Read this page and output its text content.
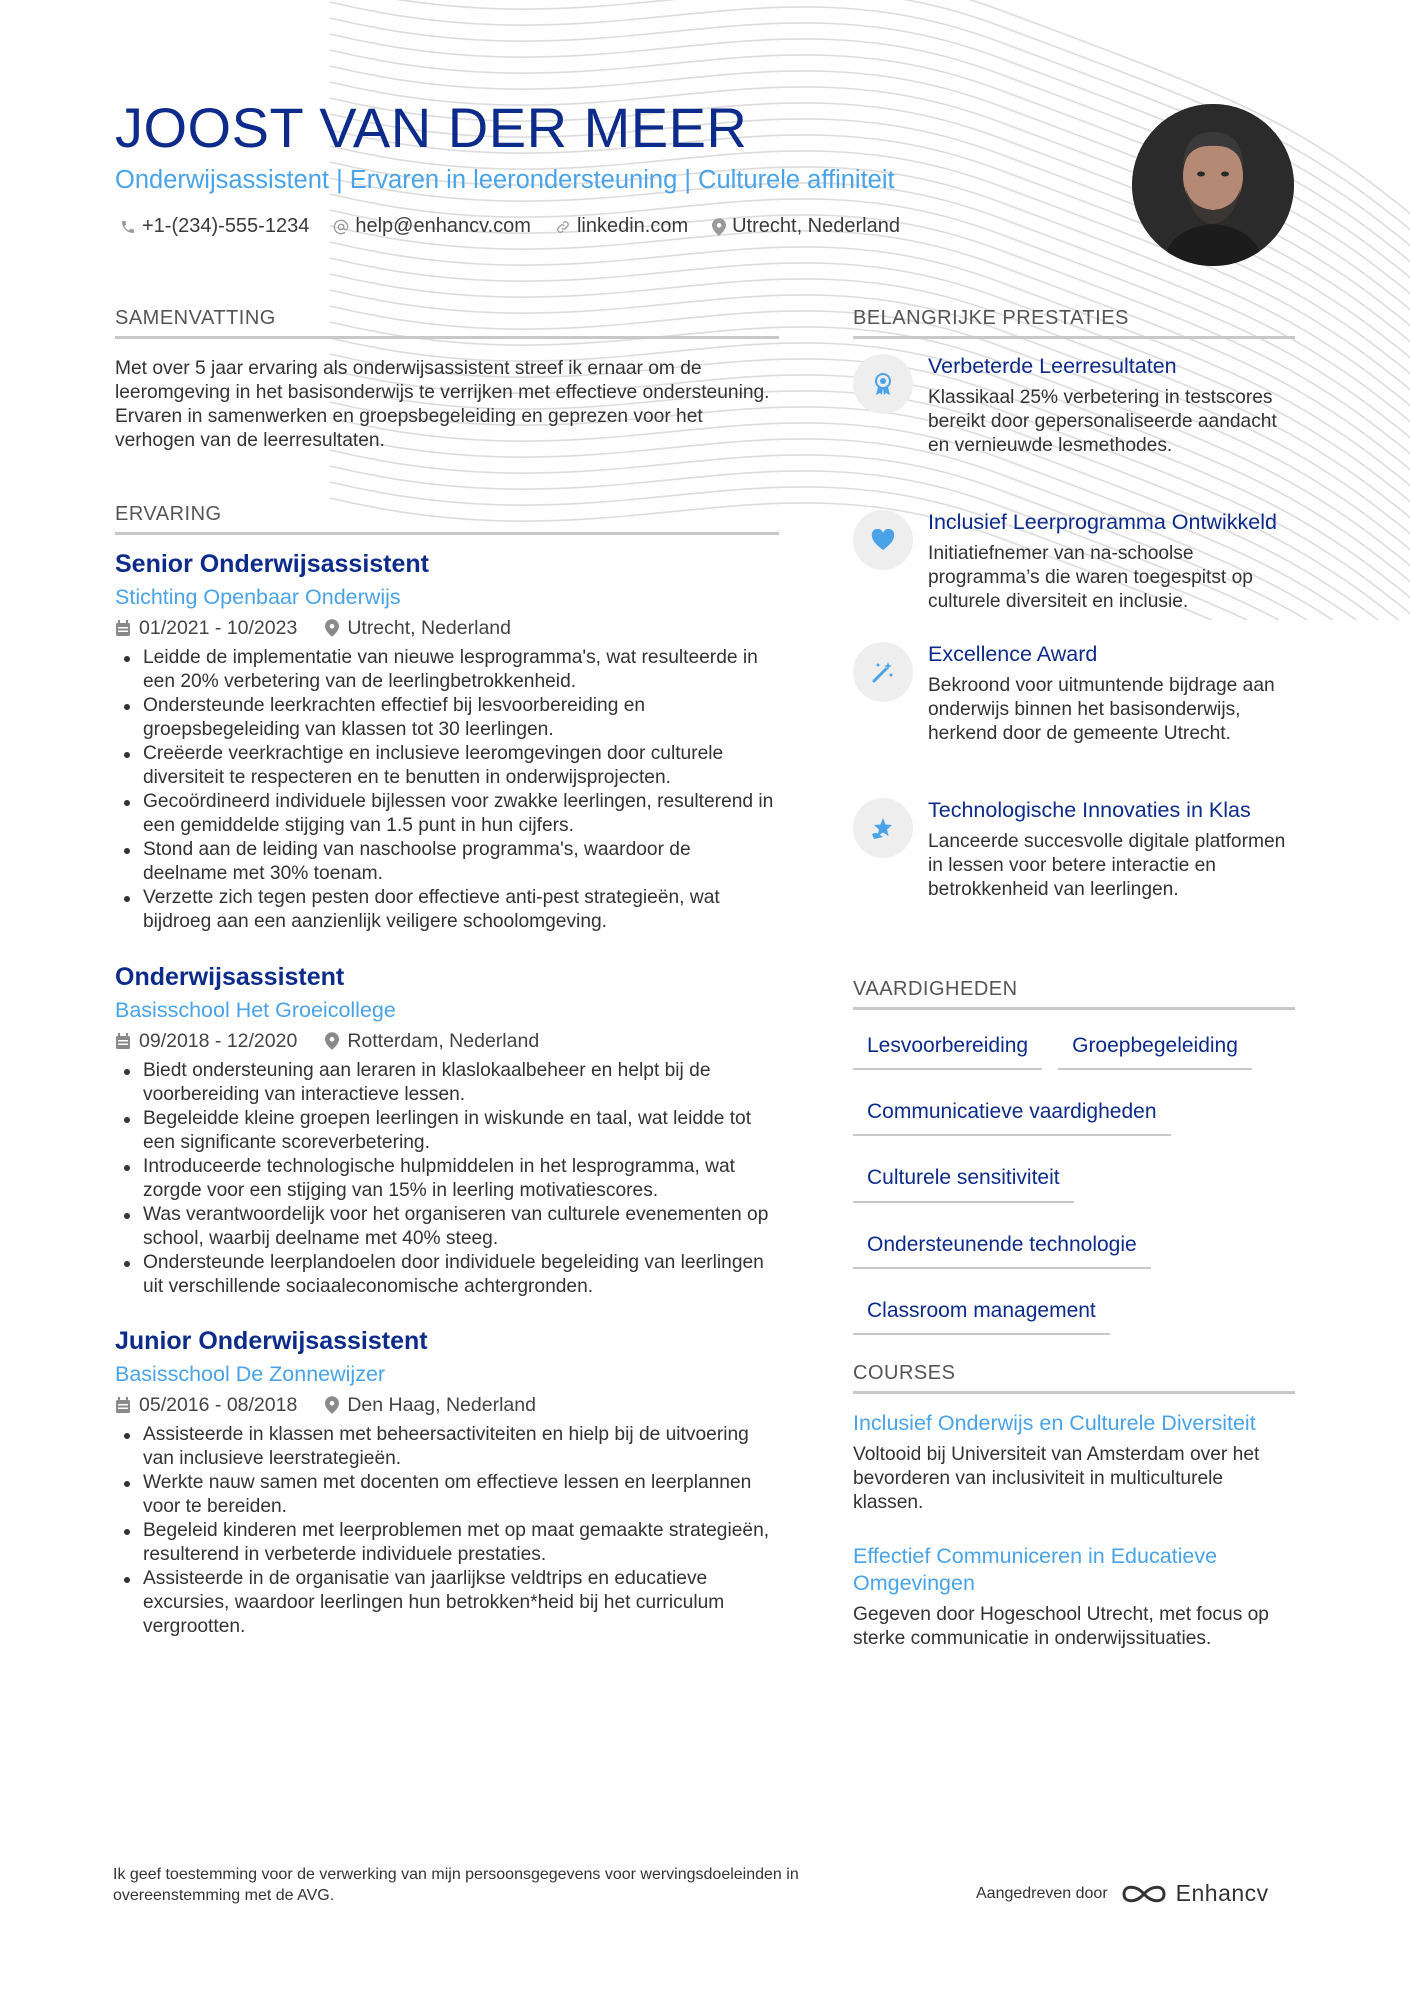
JOOST VAN DER MEER
Onderwijsassistent | Ervaren in leerondersteuning | Culturele affiniteit
+1-(234)-555-1234 help@enhancv.com linkedin.com Utrecht, Nederland
SAMENVATTING

Met over 5 jaar ervaring als onderwijsassistent streef ik ernaar om de leeromgeving in het basisonderwijs te verrijken met effectieve ondersteuning. Ervaren in samenwerken en groepsbegeleiding en geprezen voor het verhogen van de leerresultaten.

ERVARING
Senior Onderwijsassistent
Stichting Openbaar Onderwijs
01/2021 - 10/2023	Utrecht, Nederland
Leidde de implementatie van nieuwe lesprogramma's, wat resulteerde in een 20% verbetering van de leerlingbetrokkenheid.
Ondersteunde leerkrachten effectief bij lesvoorbereiding en groepsbegeleiding van klassen tot 30 leerlingen.
Creëerde veerkrachtige en inclusieve leeromgevingen door culturele diversiteit te respecteren en te benutten in onderwijsprojecten.
Gecoördineerd individuele bijlessen voor zwakke leerlingen, resulterend in een gemiddelde stijging van 1.5 punt in hun cijfers.
Stond aan de leiding van naschoolse programma's, waardoor de deelname met 30% toenam.
Verzette zich tegen pesten door effectieve anti-pest strategieën, wat bijdroeg aan een aanzienlijk veiligere schoolomgeving.
Onderwijsassistent
Basisschool Het Groeicollege
09/2018 - 12/2020	Rotterdam, Nederland
Biedt ondersteuning aan leraren in klaslokaalbeheer en helpt bij de voorbereiding van interactieve lessen.
Begeleidde kleine groepen leerlingen in wiskunde en taal, wat leidde tot een significante scoreverbetering.
Introduceerde technologische hulpmiddelen in het lesprogramma, wat zorgde voor een stijging van 15% in leerling motivatiescores.
Was verantwoordelijk voor het organiseren van culturele evenementen op school, waarbij deelname met 40% steeg.
Ondersteunde leerplandoelen door individuele begeleiding van leerlingen uit verschillende sociaaleconomische achtergronden.
Junior Onderwijsassistent
Basisschool De Zonnewijzer
05/2016 - 08/2018	Den Haag, Nederland
Assisteerde in klassen met beheersactiviteiten en hielp bij de uitvoering van inclusieve leerstrategieën.
Werkte nauw samen met docenten om effectieve lessen en leerplannen voor te bereiden.
Begeleid kinderen met leerproblemen met op maat gemaakte strategieën, resulterend in verbeterde individuele prestaties.
Assisteerde in de organisatie van jaarlijkse veldtrips en educatieve excursies, waardoor leerlingen hun betrokken*heid bij het curriculum vergrootten.
BELANGRIJKE PRESTATIES
Verbeterde Leerresultaten
Klassikaal 25% verbetering in testscores bereikt door gepersonaliseerde aandacht en vernieuwde lesmethodes.
Inclusief Leerprogramma Ontwikkeld
Initiatiefnemer van na-schoolse programma’s die waren toegespitst op culturele diversiteit en inclusie.
Excellence Award
Bekroond voor uitmuntende bijdrage aan onderwijs binnen het basisonderwijs, herkend door de gemeente Utrecht.
Technologische Innovaties in Klas
Lanceerde succesvolle digitale platformen in lessen voor betere interactie en betrokkenheid van leerlingen.
VAARDIGHEDEN
Lesvoorbereiding	Groepbegeleiding
Communicatieve vaardigheden
Culturele sensitiviteit
Ondersteunende technologie
Classroom management
COURSES

Inclusief Onderwijs en Culturele Diversiteit

Voltooid bij Universiteit van Amsterdam over het bevorderen van inclusiviteit in multiculturele klassen.

Effectief Communiceren in Educatieve Omgevingen

Gegeven door Hogeschool Utrecht, met focus op sterke communicatie in onderwijssituaties.

Ik geef toestemming voor de verwerking van mijn persoonsgegevens voor wervingsdoeleinden in overeenstemming met de AVG.	Aangedreven door	Enhancv
